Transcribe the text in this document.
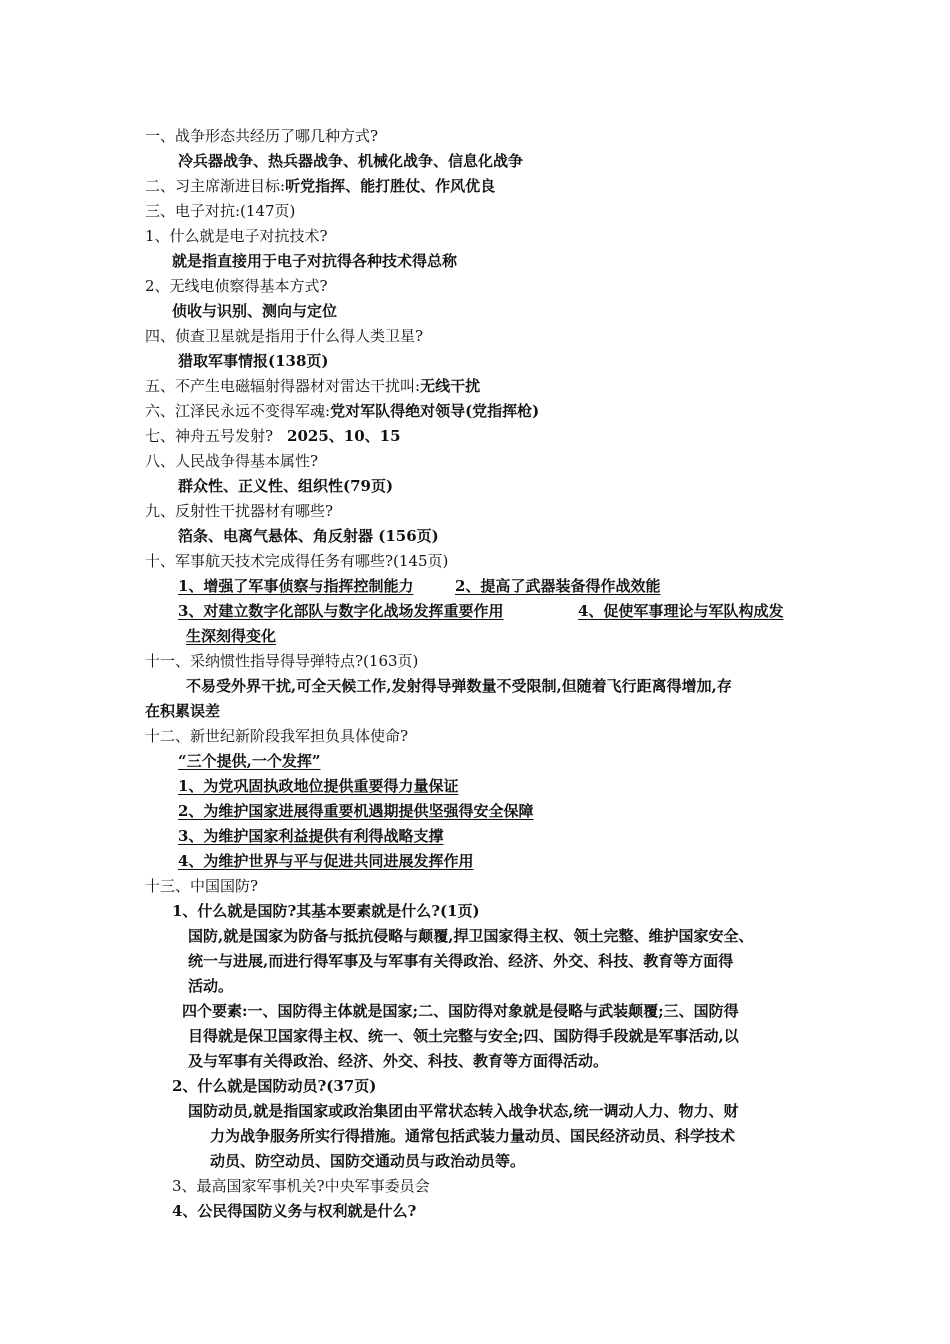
一、战争形态共经历了哪几种方式?
冷兵器战争、热兵器战争、机械化战争、信息化战争
二、习主席渐进目标:听党指挥、能打胜仗、作风优良
三、电子对抗:(147页)
1、什么就是电子对抗技术?
就是指直接用于电子对抗得各种技术得总称
2、无线电侦察得基本方式?
侦收与识别、测向与定位
四、侦查卫星就是指用于什么得人类卫星?
猎取军事情报(138页)
五、不产生电磁辐射得器材对雷达干扰叫:无线干扰
六、江泽民永远不变得军魂:党对军队得绝对领导(党指挥枪)
七、神舟五号发射? 2025、10、15
八、人民战争得基本属性?
群众性、正义性、组织性(79页)
九、反射性干扰器材有哪些?
箔条、电离气悬体、角反射器 (156页)
十、军事航天技术完成得任务有哪些?(145页)
1、增强了军事侦察与指挥控制能力	2、提高了武器装备得作战效能
3、对建立数字化部队与数字化战场发挥重要作用	4、促使军事理论与军队构成发
生深刻得变化
十一、采纳惯性指导得导弹特点?(163页)
不易受外界干扰,可全天候工作,发射得导弹数量不受限制,但随着飞行距离得增加,存
在积累误差
十二、新世纪新阶段我军担负具体使命?
“三个提供,一个发挥”
1、为党巩固执政地位提供重要得力量保证
2、为维护国家进展得重要机遇期提供坚强得安全保障
3、为维护国家利益提供有利得战略支撑
4、为维护世界与平与促进共同进展发挥作用
十三、中国国防?
1、什么就是国防?其基本要素就是什么?(1页)
国防,就是国家为防备与抵抗侵略与颠覆,捍卫国家得主权、领土完整、维护国家安全、
统一与进展,而进行得军事及与军事有关得政治、经济、外交、科技、教育等方面得
活动。
四个要素:一、国防得主体就是国家;二、国防得对象就是侵略与武装颠覆;三、国防得
目得就是保卫国家得主权、统一、领土完整与安全;四、国防得手段就是军事活动,以
及与军事有关得政治、经济、外交、科技、教育等方面得活动。
2、什么就是国防动员?(37页)
国防动员,就是指国家或政治集团由平常状态转入战争状态,统一调动人力、物力、财
力为战争服务所实行得措施。通常包括武装力量动员、国民经济动员、科学技术
动员、防空动员、国防交通动员与政治动员等。
3、最高国家军事机关?中央军事委员会
4、公民得国防义务与权利就是什么?
